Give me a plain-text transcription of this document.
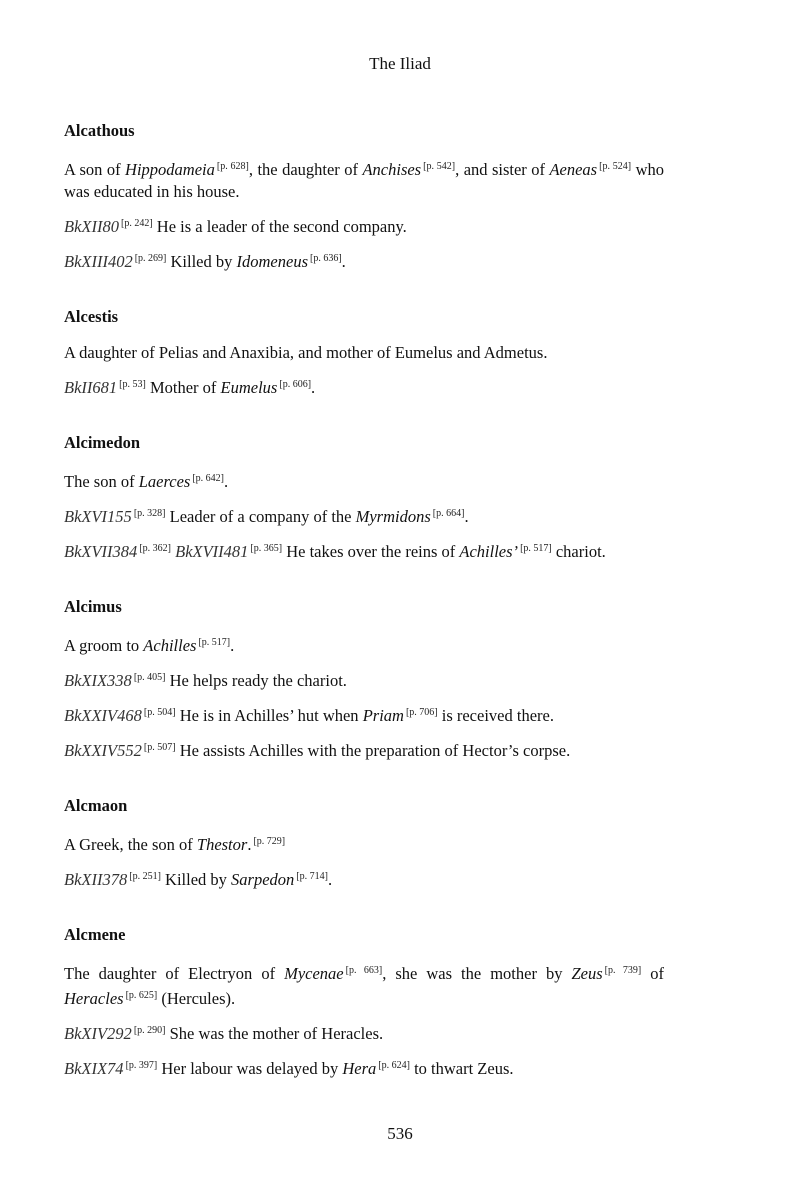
The Iliad
Alcathous
A son of Hippodameia [p. 628], the daughter of Anchises [p. 542], and sister of Aeneas [p. 524] who was educated in his house.
BkXII80 [p. 242] He is a leader of the second company.
BkXIII402 [p. 269] Killed by Idomeneus [p. 636].
Alcestis
A daughter of Pelias and Anaxibia, and mother of Eumelus and Admetus.
BkII681 [p. 53] Mother of Eumelus [p. 606].
Alcimedon
The son of Laerces [p. 642].
BkXVI155 [p. 328] Leader of a company of the Myrmidons [p. 664].
BkXVII384 [p. 362] BkXVII481 [p. 365] He takes over the reins of Achilles’ [p. 517] chariot.
Alcimus
A groom to Achilles [p. 517].
BkXIX338 [p. 405] He helps ready the chariot.
BkXXIV468 [p. 504] He is in Achilles’ hut when Priam [p. 706] is received there.
BkXXIV552 [p. 507] He assists Achilles with the preparation of Hector’s corpse.
Alcmaon
A Greek, the son of Thestor. [p. 729]
BkXII378 [p. 251] Killed by Sarpedon [p. 714].
Alcmene
The daughter of Electryon of Mycenae [p. 663], she was the mother by Zeus [p. 739] of Heracles [p. 625] (Hercules).
BkXIV292 [p. 290] She was the mother of Heracles.
BkXIX74 [p. 397] Her labour was delayed by Hera [p. 624] to thwart Zeus.
536
